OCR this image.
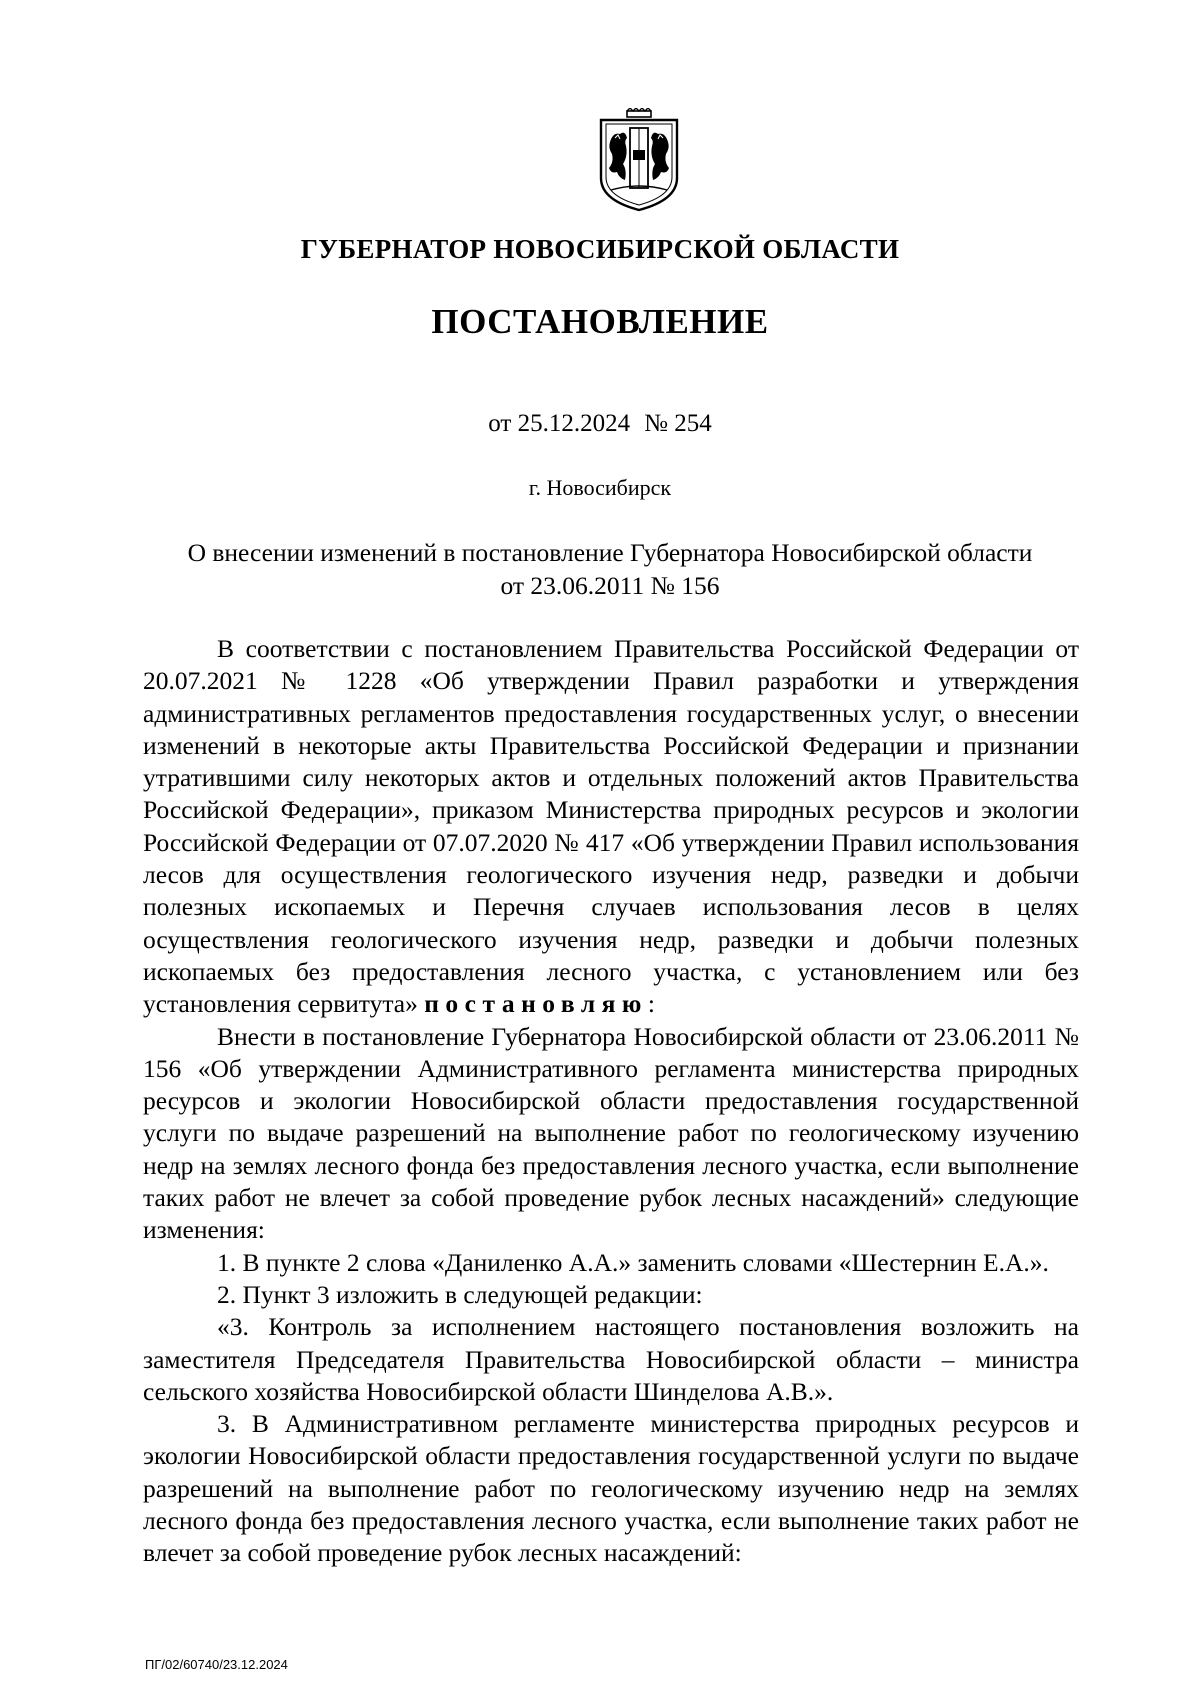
ГУБЕРНАТОР НОВОСИБИРСКОЙ ОБЛАСТИ
ПОСТАНОВЛЕНИЕ
от 25.12.2024 № 254
г. Новосибирск
О внесении изменений в постановление Губернатора Новосибирской области
от 23.06.2011 № 156

В соответствии с постановлением Правительства Российской Федерации от 20.07.2021 № 1228 «Об утверждении Правил разработки и утверждения административных регламентов предоставления государственных услуг, о внесении изменений в некоторые акты Правительства Российской Федерации и признании утратившими силу некоторых актов и отдельных положений актов Правительства Российской Федерации», приказом Министерства природных ресурсов и экологии Российской Федерации от 07.07.2020 № 417 «Об утверждении Правил использования лесов для осуществления геологического изучения недр, разведки и добычи полезных ископаемых и Перечня случаев использования лесов в целях осуществления геологического изучения недр, разведки и добычи полезных ископаемых без предоставления лесного участка, с установлением или без установления сервитута» постановляю:

Внести в постановление Губернатора Новосибирской области от 23.06.2011 № 156 «Об утверждении Административного регламента министерства природных ресурсов и экологии Новосибирской области предоставления государственной услуги по выдаче разрешений на выполнение работ по геологическому изучению недр на землях лесного фонда без предоставления лесного участка, если выполнение таких работ не влечет за собой проведение рубок лесных насаждений» следующие изменения:

1. В пункте 2 слова «Даниленко А.А.» заменить словами «Шестернин Е.А.».

2. Пункт 3 изложить в следующей редакции:

«3. Контроль за исполнением настоящего постановления возложить на заместителя Председателя Правительства Новосибирской области – министра сельского хозяйства Новосибирской области Шинделова А.В.».

3. В Административном регламенте министерства природных ресурсов и экологии Новосибирской области предоставления государственной услуги по выдаче разрешений на выполнение работ по геологическому изучению недр на землях лесного фонда без предоставления лесного участка, если выполнение таких работ не влечет за собой проведение рубок лесных насаждений:

ПГ/02/60740/23.12.2024
